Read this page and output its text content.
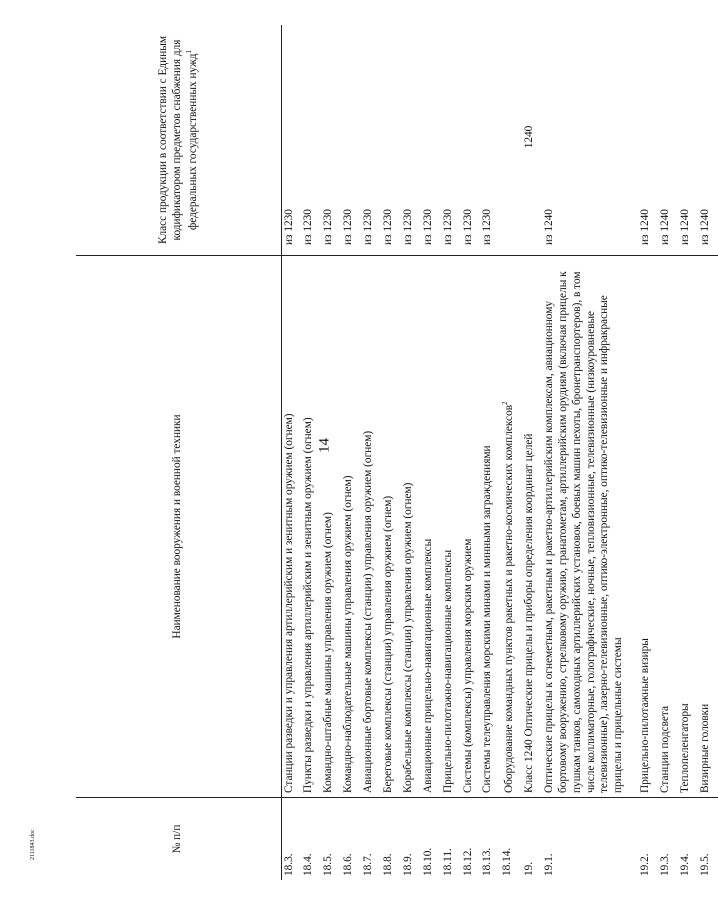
14
2111843.doc	№ п/п	Наименование вооружения и военной техники	Класс продукции в соответствии с Единым кодификатором предметов снабжения для федеральных государственных нужд$^1$
18.3.	Станции разведки и управления артиллерийским и зенитным оружием (огнем)	из 1230
18.4.	Пункты разведки и управления артиллерийским и зенитным оружием (огнем)	из 1230
18.5.	Командно-штабные машины управления оружием (огнем)	из 1230
18.6.	Командно-наблюдательные машины управления оружием (огнем)	из 1230
18.7.	Авиационные бортовые комплексы (станции) управления оружием (огнем)	из 1230
18.8.	Береговые комплексы (станции) управления оружием (огнем)	из 1230
18.9.	Корабельные комплексы (станции) управления оружием (огнем)	из 1230
18.10.	Авиационные прицельно-навигационные комплексы	из 1230
18.11.	Прицельно-пилотажно-навигационные комплексы	из 1230
18.12.	Системы (комплексы) управления морским оружием	из 1230
18.13.	Системы телеуправления морскими минами и минными заграждениями	из 1230
18.14.	Оборудование командных пунктов ракетных и ракетно-космических комплексов$^2$	
19.	Класс 1240 Оптические прицелы и приборы определения координат целей	1240
19.1.	Оптические прицелы к огнеметным, ракетным и ракетно-артиллерийским комплексам, авиационному бортовому вооружению, стрелковому оружию, гранатометам, артиллерийским орудиям (включая прицелы к пушкам танков, самоходных артиллерийских установок, боевых машин пехоты, бронетранспортеров), в том числе коллиматорные, голографические, ночные, тепловизионные, телевизионные (низкоуровневые телевизионные), лазерно-телевизионные, оптико-электронные, оптико-телевизионные и инфракрасные прицелы и прицельные системы	из 1240
19.2.	Прицельно-пилотажные визиры	из 1240
19.3.	Станции подсвета	из 1240
19.4.	Теплопеленгаторы	из 1240
19.5.	Визирные головки	из 1240
